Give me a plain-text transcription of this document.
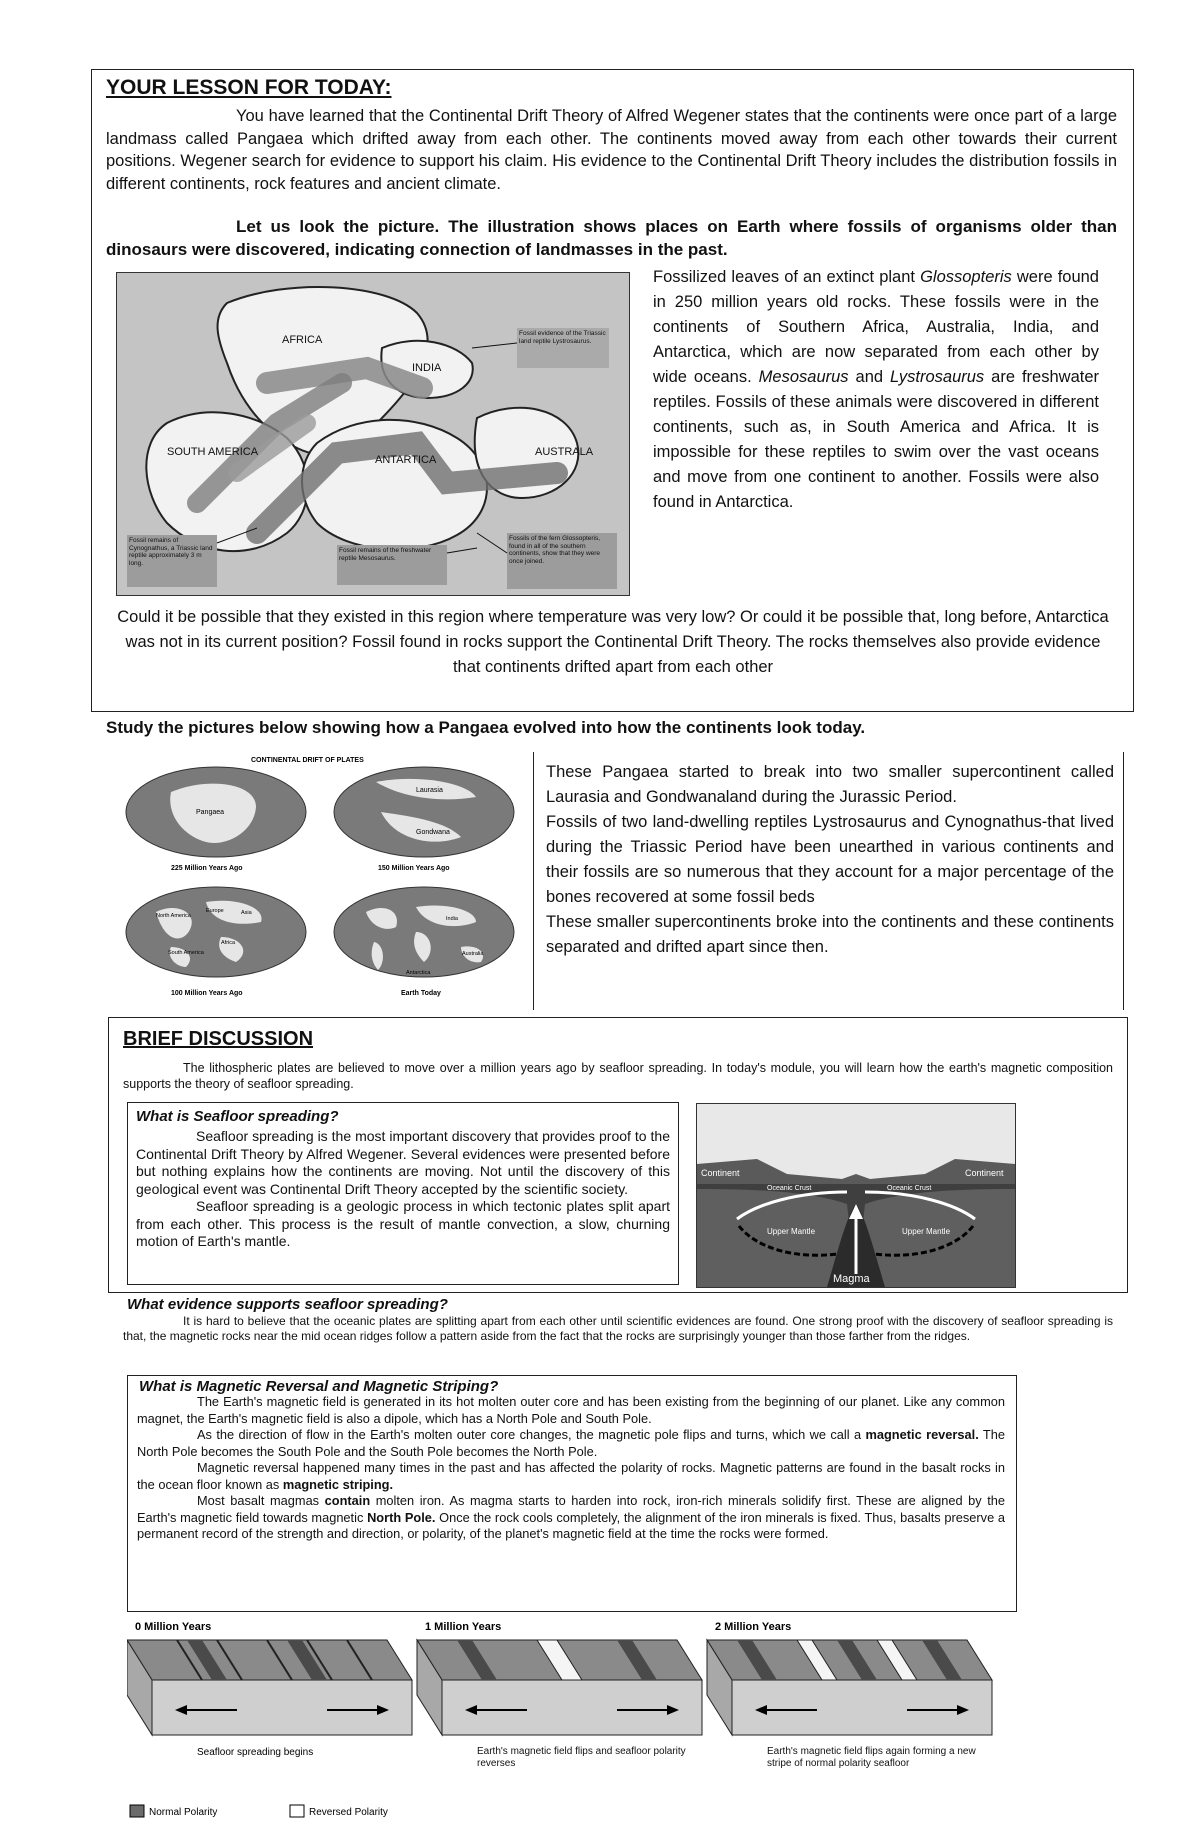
YOUR LESSON FOR TODAY:
You have learned that the Continental Drift Theory of Alfred Wegener states that the continents were once part of a large landmass called Pangaea which drifted away from each other. The continents moved away from each other towards their current positions. Wegener search for evidence to support his claim. His evidence to the Continental Drift Theory includes the distribution fossils in different continents, rock features and ancient climate.
Let us look the picture. The illustration shows places on Earth where fossils of organisms older than dinosaurs were discovered, indicating connection of landmasses in the past.
AFRICA
INDIA
SOUTH AMERICA
ANTARTICA
AUSTRALA
Fossil remains of Cynognathus, a Triassic land reptile approximately 3 m long.
Fossil remains of the freshwater reptile Mesosaurus.
Fossils of the fern Glossopteris, found in all of the southern continents, show that they were once joined.
Fossil evidence of the Triassic land reptile Lystrosaurus.
Fossilized leaves of an extinct plant Glossopteris were found in 250 million years old rocks. These fossils were in the continents of Southern Africa, Australia, India, and Antarctica, which are now separated from each other by wide oceans. Mesosaurus and Lystrosaurus are freshwater reptiles. Fossils of these animals were discovered in different continents, such as, in South America and Africa. It is impossible for these reptiles to swim over the vast oceans and move from one continent to another. Fossils were also found in Antarctica.
Could it be possible that they existed in this region where temperature was very low? Or could it be possible that, long before, Antarctica was not in its current position? Fossil found in rocks support the Continental Drift Theory. The rocks themselves also provide evidence that continents drifted apart from each other
Study the pictures below showing how a Pangaea evolved into how the continents look today.
CONTINENTAL DRIFT OF PLATES
Pangaea
Laurasia
Gondwana
North America
Europe	Asia
South America
Africa
India
Australia
Antarctica
225 Million Years Ago	150 Million Years Ago
100 Million Years Ago	Earth Today
These Pangaea started to break into two smaller supercontinent called Laurasia and Gondwanaland during the Jurassic Period.
Fossils of two land-dwelling reptiles Lystrosaurus and Cynognathus-that lived during the Triassic Period have been unearthed in various continents and their fossils are so numerous that they account for a major percentage of the bones recovered at some fossil beds
These smaller supercontinents broke into the continents and these continents separated and drifted apart since then.
BRIEF DISCUSSION
The lithospheric plates are believed to move over a million years ago by seafloor spreading. In today's module, you will learn how the earth's magnetic composition supports the theory of seafloor spreading.
What is Seafloor spreading?
Seafloor spreading is the most important discovery that provides proof to the Continental Drift Theory by Alfred Wegener. Several evidences were presented before but nothing explains how the continents are moving. Not until the discovery of this geological event was Continental Drift Theory accepted by the scientific society.
Seafloor spreading is a geologic process in which tectonic plates split apart from each other. This process is the result of mantle convection, a slow, churning motion of Earth's mantle.
Continent	Continent
Oceanic Crust	Oceanic Crust
Upper Mantle	Upper Mantle
Magma
What evidence supports seafloor spreading?
It is hard to believe that the oceanic plates are splitting apart from each other until scientific evidences are found. One strong proof with the discovery of seafloor spreading is that, the magnetic rocks near the mid ocean ridges follow a pattern aside from the fact that the rocks are surprisingly younger than those farther from the ridges.
What is Magnetic Reversal and Magnetic Striping?
The Earth's magnetic field is generated in its hot molten outer core and has been existing from the beginning of our planet. Like any common magnet, the Earth's magnetic field is also a dipole, which has a North Pole and South Pole.
As the direction of flow in the Earth's molten outer core changes, the magnetic pole flips and turns, which we call a magnetic reversal. The North Pole becomes the South Pole and the South Pole becomes the North Pole.
Magnetic reversal happened many times in the past and has affected the polarity of rocks. Magnetic patterns are found in the basalt rocks in the ocean floor known as magnetic striping.
Most basalt magmas contain molten iron. As magma starts to harden into rock, iron-rich minerals solidify first. These are aligned by the Earth's magnetic field towards magnetic North Pole. Once the rock cools completely, the alignment of the iron minerals is fixed. Thus, basalts preserve a permanent record of the strength and direction, or polarity, of the planet's magnetic field at the time the rocks were formed.
0 Million Years
Seafloor spreading begins
1 Million Years
Earth's magnetic field flips and seafloor polarity reverses
2 Million Years
Earth's magnetic field flips again forming a new stripe of normal polarity seafloor
Normal Polarity	Reversed Polarity
